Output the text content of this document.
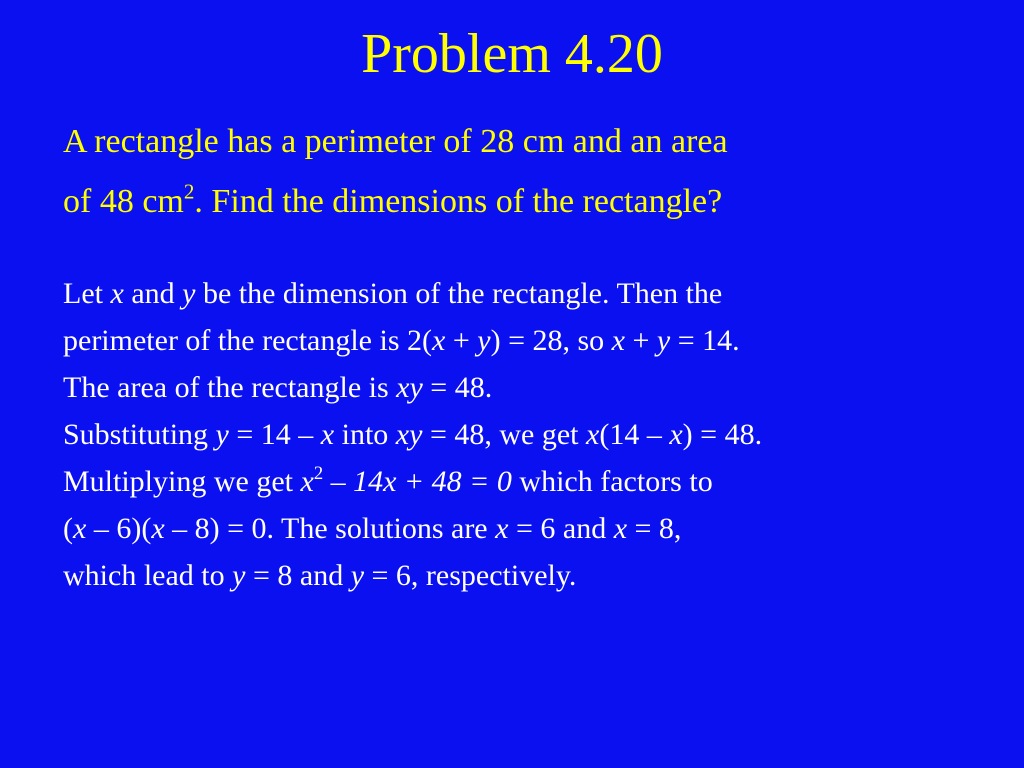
Problem 4.20
A rectangle has a perimeter of 28 cm and an area
of 48 $cm^2$. Find the dimensions of the rectangle?
Let x and y be the dimension of the rectangle. Then the
perimeter of the rectangle is 2(x + y) = 28, so x + y = 14.
The area of the rectangle is xy = 48.
Substituting y = 14 – x into xy = 48, we get x(14 – x) = 48.
Multiplying we get $x^2 - 14x + 48 = 0$ which factors to
(x – 6)(x – 8) = 0. The solutions are x = 6 and x = 8,
which lead to y = 8 and y = 6, respectively.
